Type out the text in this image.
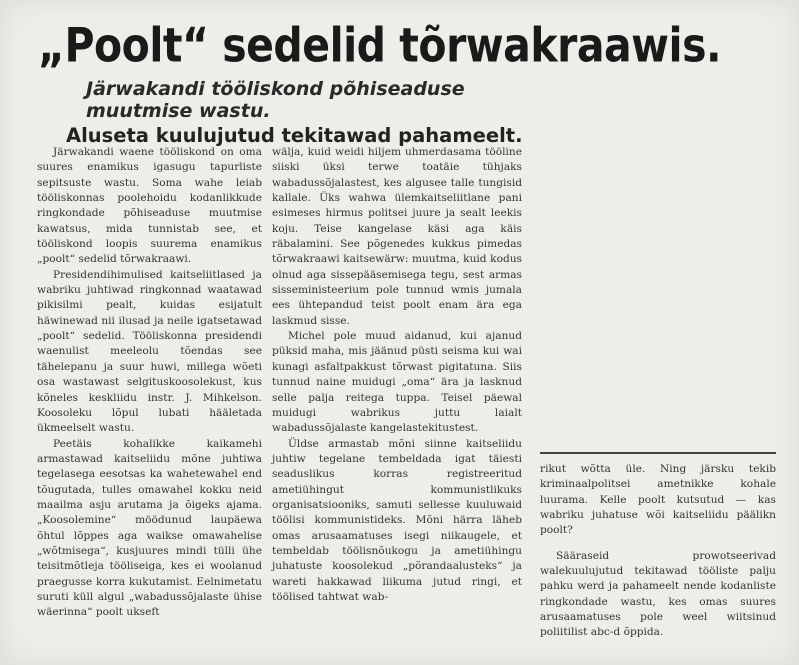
„Poolt“ sedelid tõrwakraawis.
Järwakandi tööliskond põhiseaduse muutmise wastu.
Aluseta kuulujutud tekitawad pahameelt.

Järwakandi waene tööliskond on oma suures enamikus igasugu tapurliste sepitsuste wastu. Soma wahe leiab tööliskonnas poolehoidu kodanlikkude ringkondade põhiseaduse muutmise kawatsus, mida tunnistab see, et tööliskond loopis suurema enamikus „poolt“ sedelid tõrwakraawi.

Presidendihimulised kaitseliitlased ja wabriku juhtiwad ringkonnad waatawad pikisilmi pealt, kuidas esijatult häwinewad nii ilusad ja neile igatsetawad „poolt“ sedelid. Tööliskonna presidendi waenulist meeleolu tõendas see tähelepanu ja suur huwi, millega wõeti osa wastawast selgituskoosolekust, kus kõneles keskliidu instr. J. Mihkelson. Koosoleku lõpul lubati hääletada ükmeelselt wastu.

Peetäis kohalikke kaikamehi armastawad kaitseliidu mõne juhtiwa tegelasega eesotsas ka wahetewahel end tõugutada, tulles omawahel kokku neid maailma asju arutama ja õigeks ajama. „Koosolemine“ möödunud laupäewa õhtul lõppes aga waikse omawahelise „wõtmisega“, kusjuures mindi tülli ühe teisitmõtleja tööliseiga, kes ei woolanud praegusse korra kukutamist. Eelnimetatu suruti küll algul „wabadussõjalaste ühise wäerinna“ poolt ukseft

wälja, kuid weidi hiljem uhmerdasama tööline siiski üksi terwe toatäie tühjaks wabadussõjalastest, kes algusee talle tungisid kallale. Üks wahwa ülemkaitseliitlane pani esimeses hirmus politsei juure ja sealt leekis koju. Teise kangelase käsi aga käis räbalamini. See põgenedes kukkus pimedas tõrwakraawi kaitsewärw: muutma, kuid kodus olnud aga sissepääsemisega tegu, sest armas sisseministeerium pole tunnud wmis jumala ees ühtepandud teist poolt enam ära ega laskmud sisse.

Michel pole muud aidanud, kui ajanud püksid maha, mis jäänud püsti seisma kui wai kunagi asfaltpakkust tõrwast pigitatuna. Siis tunnud naine muidugi „oma“ ära ja lasknud selle palja reitega tuppa. Teisel päewal muidugi wabrikus juttu laialt wabadussõjalaste kangelastekitustest.

Üldse armastab mõni siinne kaitseliidu juhtiw tegelane tembeldada igat täiesti seaduslikus korras registreeritud ametiühingut kommunistlikuks organisatsiooniks, samuti sellesse kuuluwaid töölisi kommunistideks. Mõni härra läheb omas arusaamatuses isegi niikaugele, et tembeldab töölisnõukogu ja ametiühingu juhatuste koosolekud „põrandaalusteks“ ja wareti hakkawad liikuma jutud ringi, et töölised tahtwat wab-

rikut wõtta üle. Ning järsku tekib kriminaalpolitsei ametnikke kohale luurama. Kelle poolt kutsutud — kas wabriku juhatuse wõi kaitseliidu päälikn poolt?

Sääraseid prowotseerivad walekuulujutud tekitawad tööliste palju pahku werd ja pahameelt nende kodanliste ringkondade wastu, kes omas suures arusaamatuses pole weel wiitsinud poliitilist abc-d õppida.
